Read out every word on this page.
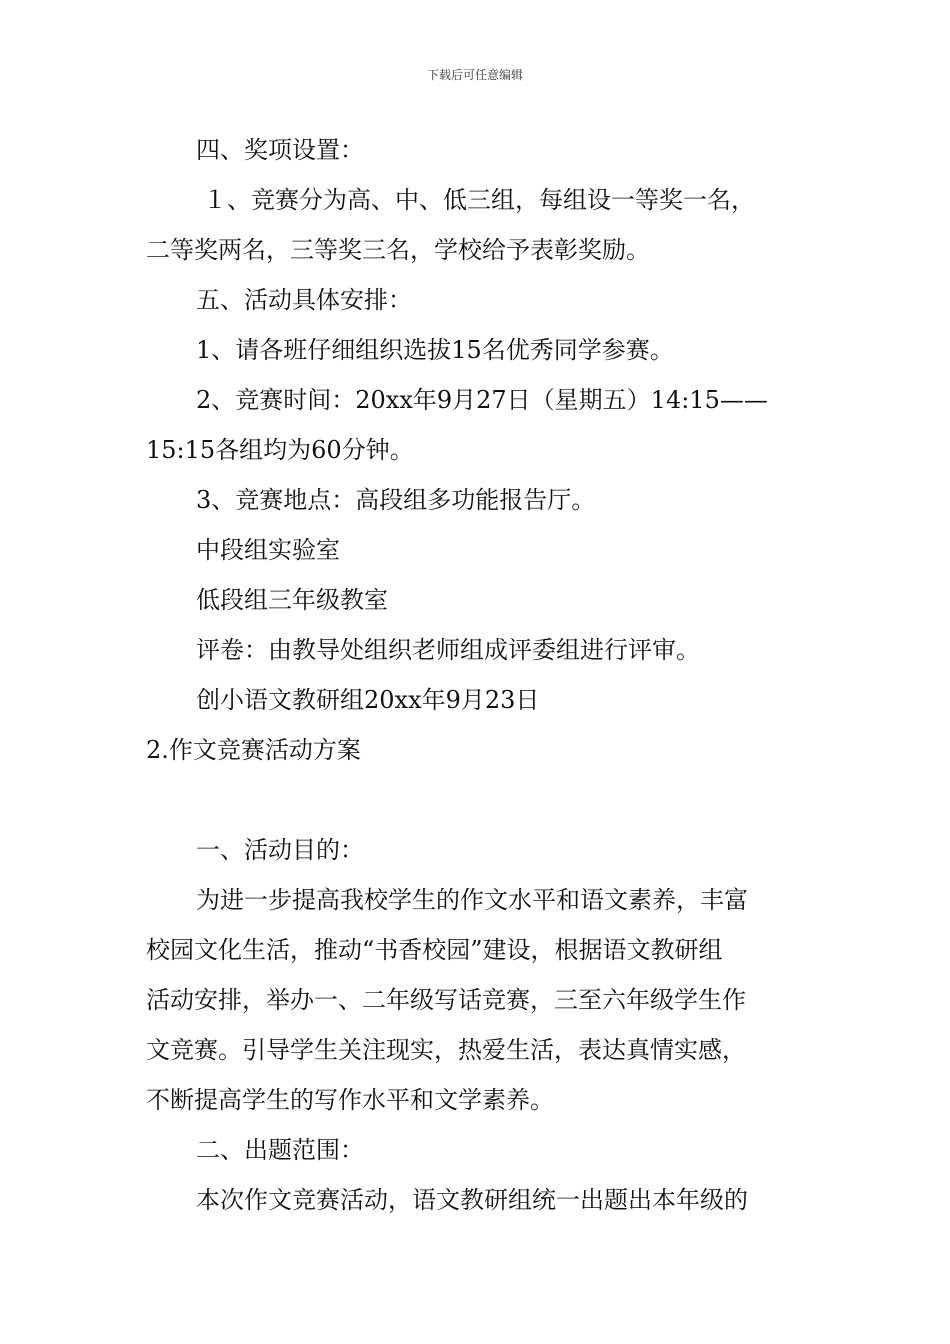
下载后可任意编辑
四、奖项设置：
１、竞赛分为高、中、低三组，每组设一等奖一名，
二等奖两名，三等奖三名，学校给予表彰奖励。
五、活动具体安排：
1、请各班仔细组织选拔15名优秀同学参赛。
2、竞赛时间：20xx年9月27日（星期五）14:15——
15:15各组均为60分钟。
3、竞赛地点：高段组多功能报告厅。
中段组实验室
低段组三年级教室
评卷：由教导处组织老师组成评委组进行评审。
创小语文教研组20xx年9月23日
2.作文竞赛活动方案
一、活动目的：
为进一步提高我校学生的作文水平和语文素养，丰富
校园文化生活，推动“书香校园”建设，根据语文教研组
活动安排，举办一、二年级写话竞赛，三至六年级学生作
文竞赛。引导学生关注现实，热爱生活，表达真情实感，
不断提高学生的写作水平和文学素养。
二、出题范围：
本次作文竞赛活动，语文教研组统一出题出本年级的
